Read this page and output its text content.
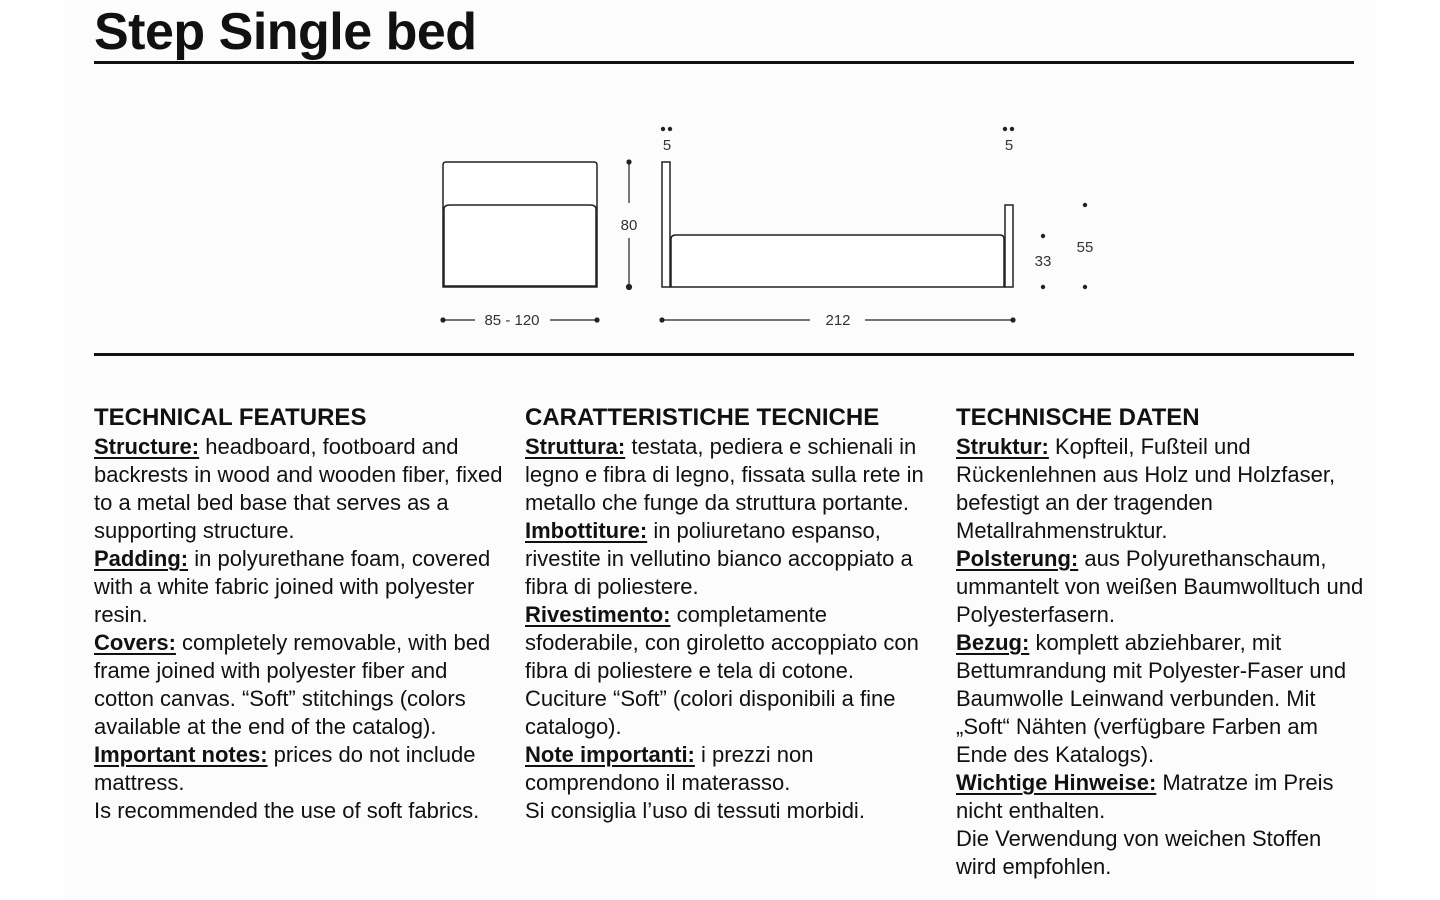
Step Single bed
80
85 - 120
5	5
33
55
212
TECHNICAL FEATURES

Structure: headboard, footboard and backrests in wood and wooden fiber, fixed to a metal bed base that serves as a supporting structure.

Padding: in polyurethane foam, covered with a white fabric joined with polyester resin.

Covers: completely removable, with bed frame joined with polyester fiber and cotton canvas. “Soft” stitchings (colors available at the end of the catalog).

Important notes: prices do not include mattress.

Is recommended the use of soft fabrics.

CARATTERISTICHE TECNICHE

Struttura: testata, pediera e schienali in legno e fibra di legno, fissata sulla rete in metallo che funge da struttura portante.

Imbottiture: in poliuretano espanso, rivestite in vellutino bianco accoppiato a fibra di poliestere.

Rivestimento: completamente sfoderabile, con giroletto accoppiato con fibra di poliestere e tela di cotone. Cuciture “Soft” (colori disponibili a fine catalogo).

Note importanti: i prezzi non comprendono il materasso.

Si consiglia l’uso di tessuti morbidi.

TECHNISCHE DATEN

Struktur: Kopfteil, Fußteil und Rückenlehnen aus Holz und Holzfaser, befestigt an der tragenden Metallrahmenstruktur.

Polsterung: aus Polyurethanschaum, ummantelt von weißen Baumwolltuch und Polyesterfasern.

Bezug: komplett abziehbarer, mit Bettumrandung mit Polyester-Faser und Baumwolle Leinwand verbunden. Mit „Soft“ Nähten (verfügbare Farben am Ende des Katalogs).

Wichtige Hinweise: Matratze im Preis nicht enthalten.

Die Verwendung von weichen Stoffen wird empfohlen.
